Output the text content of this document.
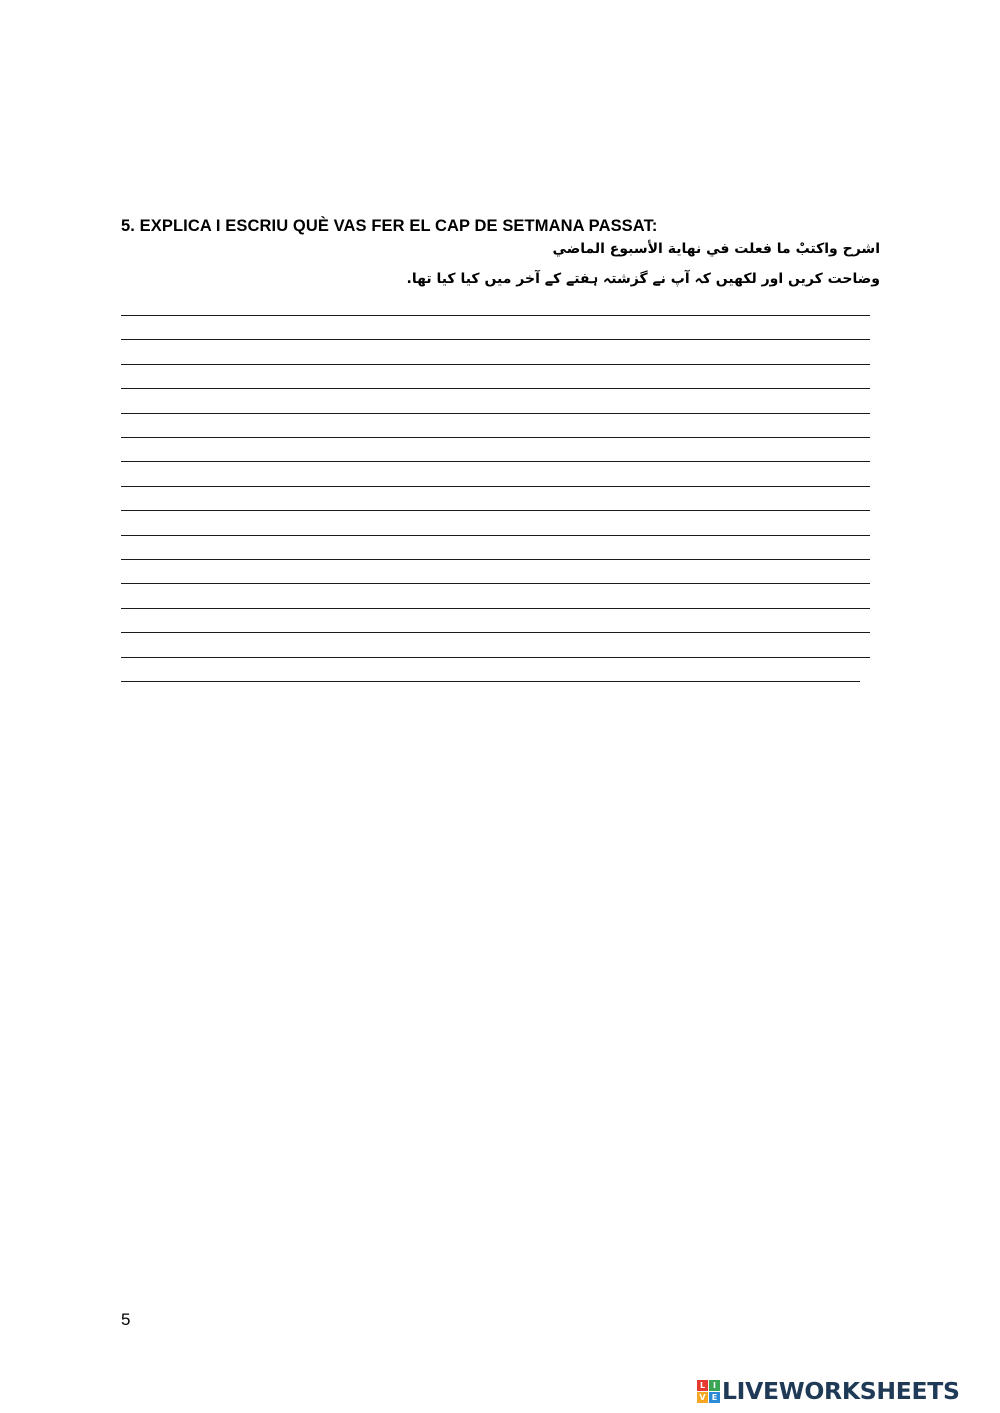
5. EXPLICA I ESCRIU QUÈ VAS FER EL CAP DE SETMANA PASSAT:
اشرح واكتبْ ما فعلت في نهاية الأسبوع الماضي
وضاحت کریں اور لکھیں کہ آپ نے گزشتہ ہفتے کے آخر میں کیا کیا تھا.
5
L I
V E LIVEWORKSHEETS
